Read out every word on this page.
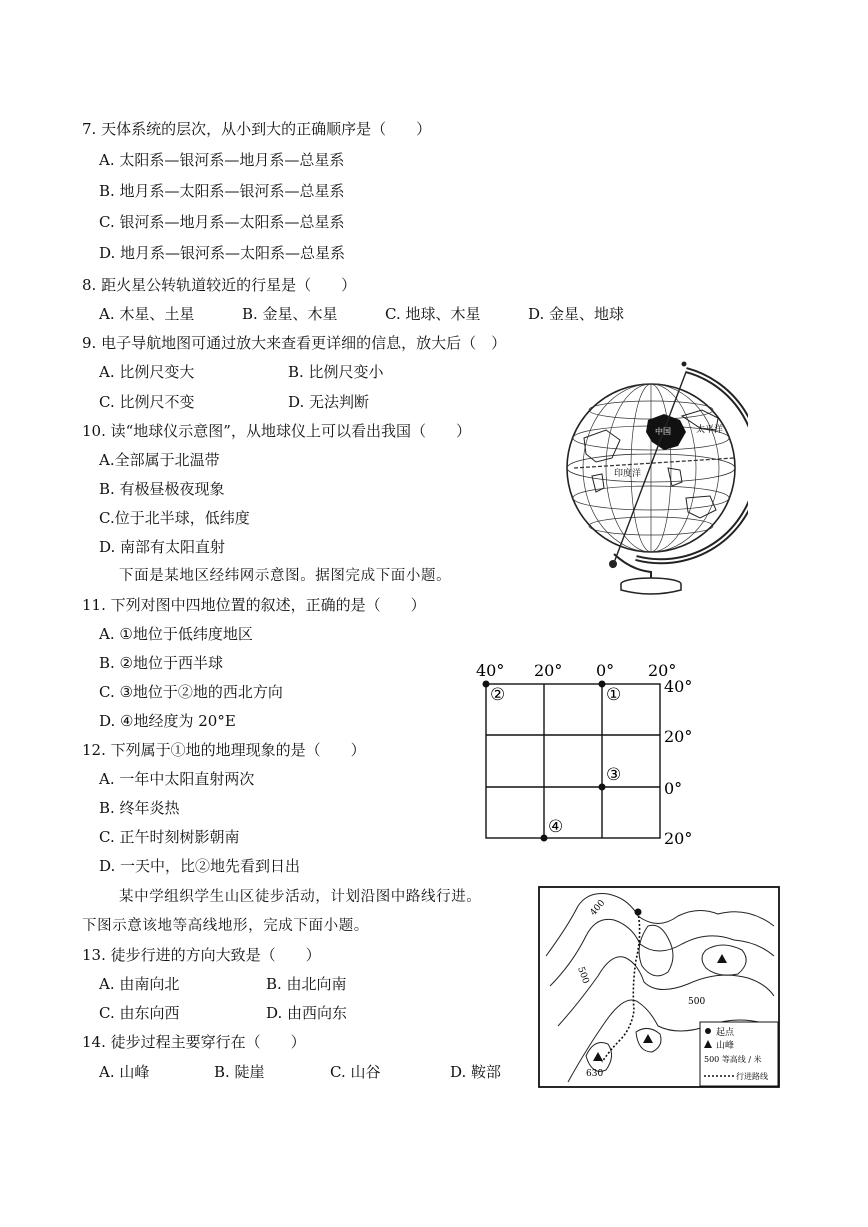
7. 天体系统的层次，从小到大的正确顺序是（　　）
A. 太阳系—银河系—地月系—总星系
B. 地月系—太阳系—银河系—总星系
C. 银河系—地月系—太阳系—总星系
D. 地月系—银河系—太阳系—总星系
8. 距火星公转轨道较近的行星是（　　）
A. 木星、土星	B. 金星、木星	C. 地球、木星	D. 金星、地球
9. 电子导航地图可通过放大来查看更详细的信息，放大后（　）
A. 比例尺变大	B. 比例尺变小
C. 比例尺不变	D. 无法判断
10. 读“地球仪示意图”，从地球仪上可以看出我国（　　）
A.全部属于北温带
B. 有极昼极夜现象
C.位于北半球，低纬度
D. 南部有太阳直射
太平洋
印度洋
中国
下面是某地区经纬网示意图。据图完成下面小题。
11. 下列对图中四地位置的叙述，正确的是（　　）
A. ①地位于低纬度地区
B. ②地位于西半球
C. ③地位于②地的西北方向
D. ④地经度为 20°E
12. 下列属于①地的地理现象的是（　　）
A. 一年中太阳直射两次
B. 终年炎热
C. 正午时刻树影朝南
D. 一天中，比②地先看到日出
40° 20° 0° 20°
40°
20°
0°
20°
②	①
③
④
某中学组织学生山区徒步活动，计划沿图中路线行进。
下图示意该地等高线地形，完成下面小题。
13. 徒步行进的方向大致是（　　）
A. 由南向北	B. 由北向南
C. 由东向西	D. 由西向东
14. 徒步过程主要穿行在（　　）
A. 山峰	B. 陡崖	C. 山谷	D. 鞍部
400
500
500
630
起点
山峰
500 等高线 / 米
行进路线
